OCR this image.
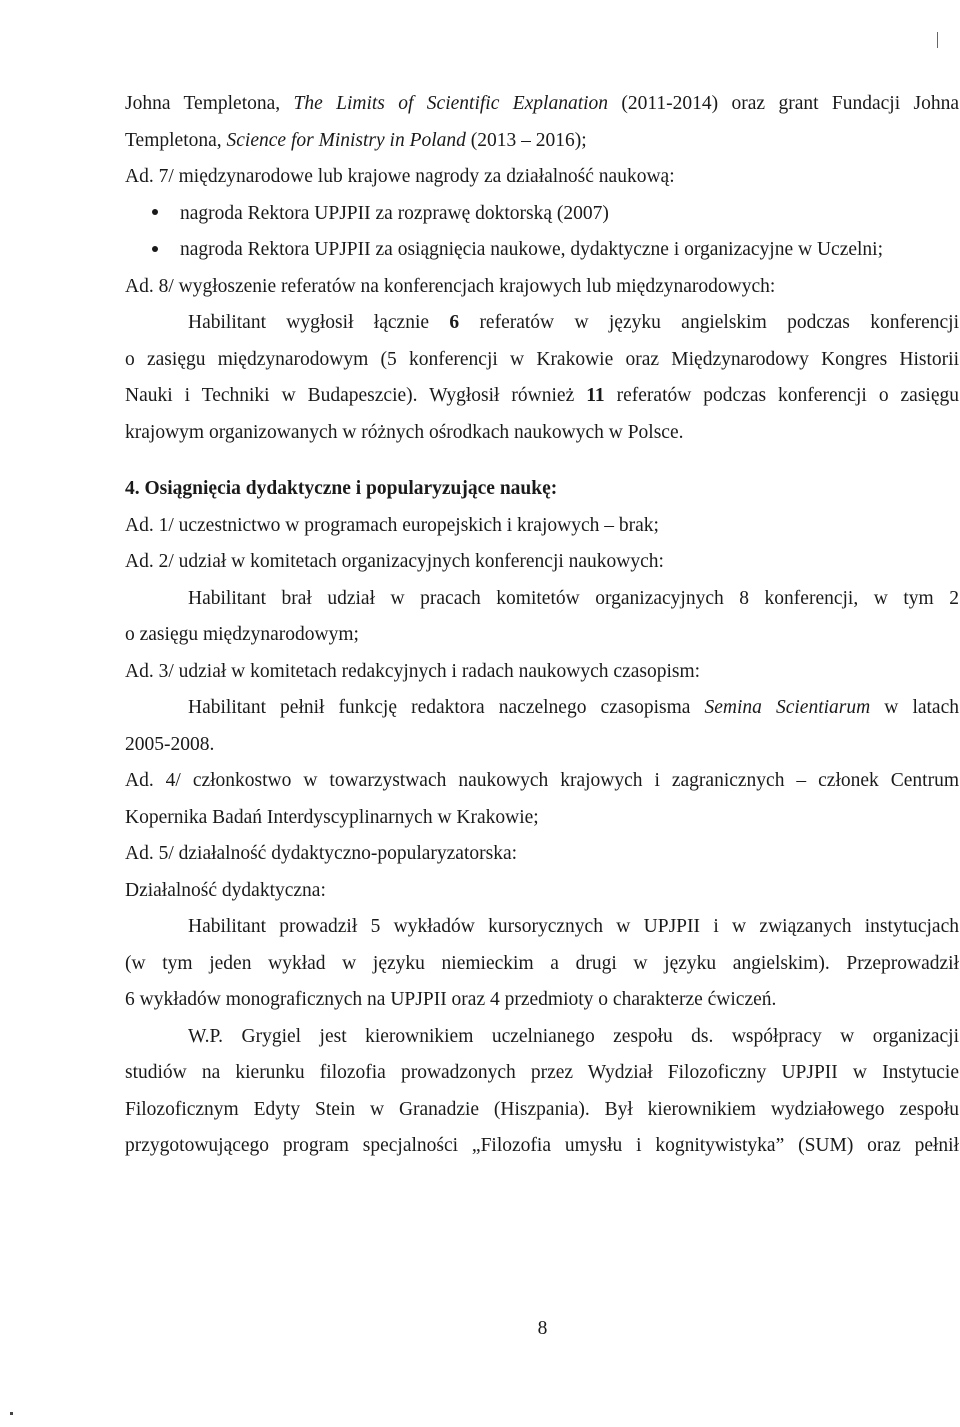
Johna Templetona, The Limits of Scientific Explanation (2011-2014) oraz grant Fundacji Johna
Templetona, Science for Ministry in Poland (2013 – 2016);
Ad. 7/ międzynarodowe lub krajowe nagrody za działalność naukową:
nagroda Rektora UPJPII za rozprawę doktorską (2007)
nagroda Rektora UPJPII za osiągnięcia naukowe, dydaktyczne i organizacyjne w Uczelni;
Ad. 8/ wygłoszenie referatów na konferencjach krajowych lub międzynarodowych:
Habilitant wygłosił łącznie 6 referatów w języku angielskim podczas konferencji
o zasięgu międzynarodowym (5 konferencji w Krakowie oraz Międzynarodowy Kongres Historii
Nauki i Techniki w Budapeszcie). Wygłosił również 11 referatów podczas konferencji o zasięgu
krajowym organizowanych w różnych ośrodkach naukowych w Polsce.
4. Osiągnięcia dydaktyczne i popularyzujące naukę:
Ad. 1/ uczestnictwo w programach europejskich i krajowych – brak;
Ad. 2/ udział w komitetach organizacyjnych konferencji naukowych:
Habilitant brał udział w pracach komitetów organizacyjnych 8 konferencji, w tym 2
o zasięgu międzynarodowym;
Ad. 3/ udział w komitetach redakcyjnych i radach naukowych czasopism:
Habilitant pełnił funkcję redaktora naczelnego czasopisma Semina Scientiarum w latach
2005-2008.
Ad. 4/ członkostwo w towarzystwach naukowych krajowych i zagranicznych – członek Centrum
Kopernika Badań Interdyscyplinarnych w Krakowie;
Ad. 5/ działalność dydaktyczno-popularyzatorska:
Działalność dydaktyczna:
Habilitant prowadził 5 wykładów kursorycznych w UPJPII i w związanych instytucjach
(w tym jeden wykład w języku niemieckim a drugi w języku angielskim). Przeprowadził
6 wykładów monograficznych na UPJPII oraz 4 przedmioty o charakterze ćwiczeń.
W.P. Grygiel jest kierownikiem uczelnianego zespołu ds. współpracy w organizacji
studiów na kierunku filozofia prowadzonych przez Wydział Filozoficzny UPJPII w Instytucie
Filozoficznym Edyty Stein w Granadzie (Hiszpania). Był kierownikiem wydziałowego zespołu
przygotowującego program specjalności „Filozofia umysłu i kognitywistyka” (SUM) oraz pełnił
8
